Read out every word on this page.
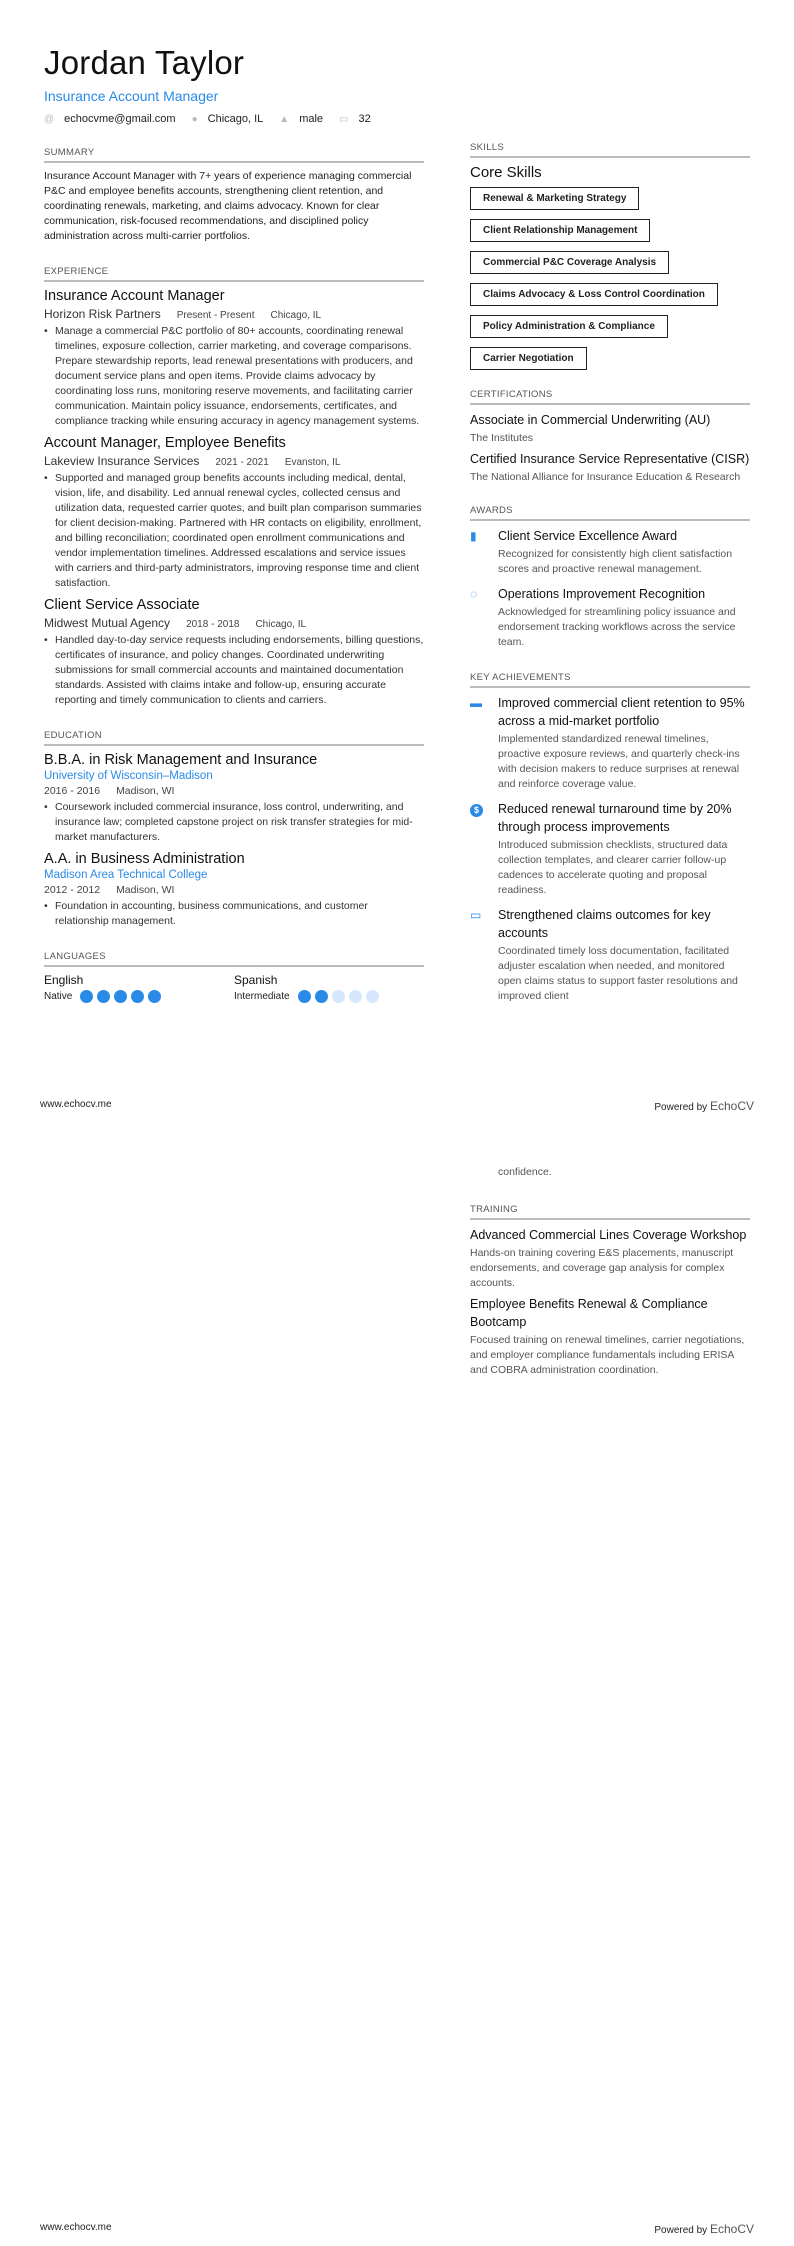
Jordan Taylor
Insurance Account Manager
@ echocvme@gmail.com ● Chicago, IL ▲ male ▭ 32
SUMMARY
Insurance Account Manager with 7+ years of experience managing commercial P&C and employee benefits accounts, strengthening client retention, and coordinating renewals, marketing, and claims advocacy. Known for clear communication, risk-focused recommendations, and disciplined policy administration across multi-carrier portfolios.
EXPERIENCE
Insurance Account Manager
Horizon Risk Partners Present - Present Chicago, IL
• Manage a commercial P&C portfolio of 80+ accounts, coordinating renewal timelines, exposure collection, carrier marketing, and coverage comparisons. Prepare stewardship reports, lead renewal presentations with producers, and document service plans and open items. Provide claims advocacy by coordinating loss runs, monitoring reserve movements, and facilitating carrier communication. Maintain policy issuance, endorsements, certificates, and compliance tracking while ensuring accuracy in agency management systems.
Account Manager, Employee Benefits
Lakeview Insurance Services 2021 - 2021 Evanston, IL
• Supported and managed group benefits accounts including medical, dental, vision, life, and disability. Led annual renewal cycles, collected census and utilization data, requested carrier quotes, and built plan comparison summaries for client decision-making. Partnered with HR contacts on eligibility, enrollment, and billing reconciliation; coordinated open enrollment communications and vendor implementation timelines. Addressed escalations and service issues with carriers and third-party administrators, improving response time and client satisfaction.
Client Service Associate
Midwest Mutual Agency 2018 - 2018 Chicago, IL
• Handled day-to-day service requests including endorsements, billing questions, certificates of insurance, and policy changes. Coordinated underwriting submissions for small commercial accounts and maintained documentation standards. Assisted with claims intake and follow-up, ensuring accurate reporting and timely communication to clients and carriers.
EDUCATION
B.B.A. in Risk Management and Insurance
University of Wisconsin–Madison
2016 - 2016 Madison, WI
• Coursework included commercial insurance, loss control, underwriting, and insurance law; completed capstone project on risk transfer strategies for mid-market manufacturers.
A.A. in Business Administration
Madison Area Technical College
2012 - 2012 Madison, WI
• Foundation in accounting, business communications, and customer relationship management.
LANGUAGES
English
Native
Spanish
Intermediate
SKILLS
Core Skills
Renewal & Marketing Strategy
Client Relationship Management
Commercial P&C Coverage Analysis
Claims Advocacy & Loss Control Coordination
Policy Administration & Compliance
Carrier Negotiation
CERTIFICATIONS
Associate in Commercial Underwriting (AU)
The Institutes
Certified Insurance Service Representative (CISR)
The National Alliance for Insurance Education & Research
AWARDS
▮	Client Service Excellence Award
Recognized for consistently high client satisfaction scores and proactive renewal management.
◌	Operations Improvement Recognition
Acknowledged for streamlining policy issuance and endorsement tracking workflows across the service team.
KEY ACHIEVEMENTS
▬	Improved commercial client retention to 95% across a mid-market portfolio
Implemented standardized renewal timelines, proactive exposure reviews, and quarterly check-ins with decision makers to reduce surprises at renewal and reinforce coverage value.
$	Reduced renewal turnaround time by 20% through process improvements
Introduced submission checklists, structured data collection templates, and clearer carrier follow-up cadences to accelerate quoting and proposal readiness.
▭	Strengthened claims outcomes for key accounts
Coordinated timely loss documentation, facilitated adjuster escalation when needed, and monitored open claims status to support faster resolutions and improved client
www.echocv.me	Powered by EchoCV
confidence.
TRAINING
Advanced Commercial Lines Coverage Workshop
Hands-on training covering E&S placements, manuscript endorsements, and coverage gap analysis for complex accounts.
Employee Benefits Renewal & Compliance Bootcamp
Focused training on renewal timelines, carrier negotiations, and employer compliance fundamentals including ERISA and COBRA administration coordination.
www.echocv.me	Powered by EchoCV
